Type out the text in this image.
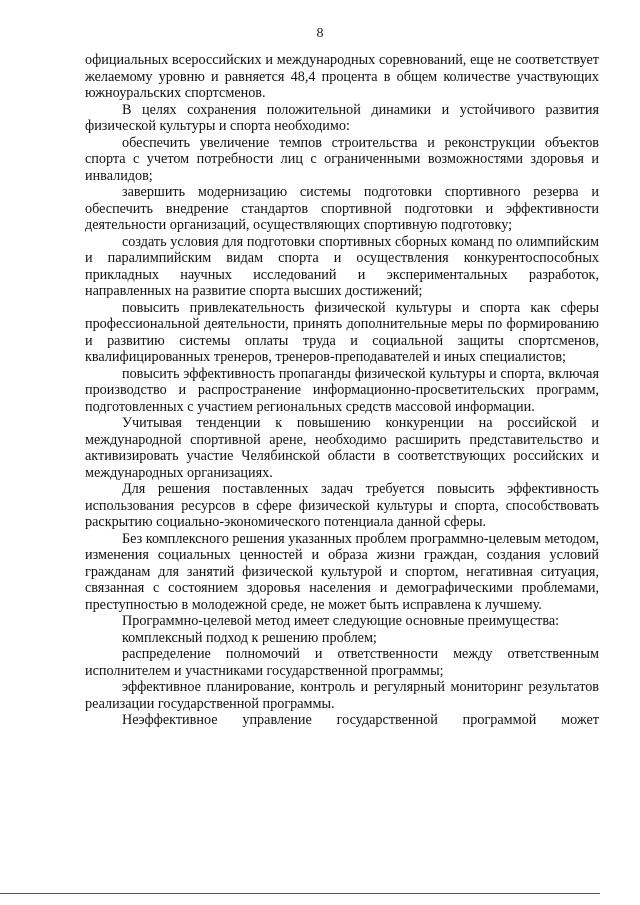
8

официальных всероссийских и международных соревнований, еще не соответствует желаемому уровню и равняется 48,4 процента в общем количестве участвующих южноуральских спортсменов.

В целях сохранения положительной динамики и устойчивого развития физической культуры и спорта необходимо:

обеспечить увеличение темпов строительства и реконструкции объектов спорта с учетом потребности лиц с ограниченными возможностями здоровья и инвалидов;

завершить модернизацию системы подготовки спортивного резерва и обеспечить внедрение стандартов спортивной подготовки и эффективности деятельности организаций, осуществляющих спортивную подготовку;

создать условия для подготовки спортивных сборных команд по олимпийским и паралимпийским видам спорта и осуществления конкурентоспособных прикладных научных исследований и экспериментальных разработок, направленных на развитие спорта высших достижений;

повысить привлекательность физической культуры и спорта как сферы профессиональной деятельности, принять дополнительные меры по формированию и развитию системы оплаты труда и социальной защиты спортсменов, квалифицированных тренеров, тренеров-преподавателей и иных специалистов;

повысить эффективность пропаганды физической культуры и спорта, включая производство и распространение информационно-просветительских программ, подготовленных с участием региональных средств массовой информации.

Учитывая тенденции к повышению конкуренции на российской и международной спортивной арене, необходимо расширить представительство и активизировать участие Челябинской области в соответствующих российских и международных организациях.

Для решения поставленных задач требуется повысить эффективность использования ресурсов в сфере физической культуры и спорта, способствовать раскрытию социально-экономического потенциала данной сферы.

Без комплексного решения указанных проблем программно-целевым методом, изменения социальных ценностей и образа жизни граждан, создания условий гражданам для занятий физической культурой и спортом, негативная ситуация, связанная с состоянием здоровья населения и демографическими проблемами, преступностью в молодежной среде, не может быть исправлена к лучшему.

Программно-целевой метод имеет следующие основные преимущества:

комплексный подход к решению проблем;

распределение полномочий и ответственности между ответственным исполнителем и участниками государственной программы;

эффективное планирование, контроль и регулярный мониторинг результатов реализации государственной программы.

Неэффективное управление государственной программой может
